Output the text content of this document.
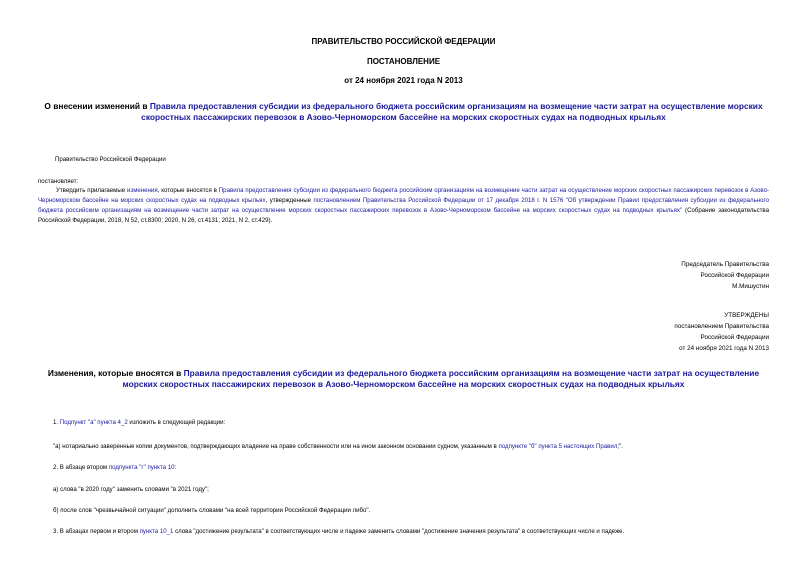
ПРАВИТЕЛЬСТВО РОССИЙСКОЙ ФЕДЕРАЦИИ
ПОСТАНОВЛЕНИЕ
от 24 ноября 2021 года N 2013
О внесении изменений в Правила предоставления субсидии из федерального бюджета российским организациям на возмещение части затрат на осуществление морских скоростных пассажирских перевозок в Азово-Черноморском бассейне на морских скоростных судах на подводных крыльях
Правительство Российской Федерации
постановляет:
Утвердить прилагаемые изменения, которые вносятся в Правила предоставления субсидии из федерального бюджета российским организациям на возмещение части затрат на осуществление морских скоростных пассажирских перевозок в Азово-Черноморском бассейне на морских скоростных судах на подводных крыльях, утвержденные постановлением Правительства Российской Федерации от 17 декабря 2018 г. N 1576 "Об утверждении Правил предоставления субсидии из федерального бюджета российским организациям на возмещение части затрат на осуществление морских скоростных пассажирских перевозок в Азово-Черноморском бассейне на морских скоростных судах на подводных крыльях" (Собрание законодательства Российской Федерации, 2018, N 52, ст.8300; 2020, N 26, ст.4131; 2021, N 2, ст.429).
Председатель Правительства
Российской Федерации
М.Мишустин
УТВЕРЖДЕНЫ
постановлением Правительства
Российской Федерации
от 24 ноября 2021 года N 2013
Изменения, которые вносятся в Правила предоставления субсидии из федерального бюджета российским организациям на возмещение части затрат на осуществление морских скоростных пассажирских перевозок в Азово-Черноморском бассейне на морских скоростных судах на подводных крыльях
1. Подпункт "а" пункта 4_2 изложить в следующей редакции:
"а) нотариально заверенные копии документов, подтверждающих владение на праве собственности или на ином законном основании судном, указанным в подпункте "б" пункта 5 настоящих Правил;".
2. В абзаце втором подпункта "г" пункта 10:
а) слова "в 2020 году" заменить словами "в 2021 году";
б) после слов "чрезвычайной ситуации" дополнить словами "на всей территории Российской Федерации либо".
3. В абзацах первом и втором пункта 10_1 слова "достижение результата" в соответствующих числе и падеже заменить словами "достижение значения результата" в соответствующих числе и падеже.
